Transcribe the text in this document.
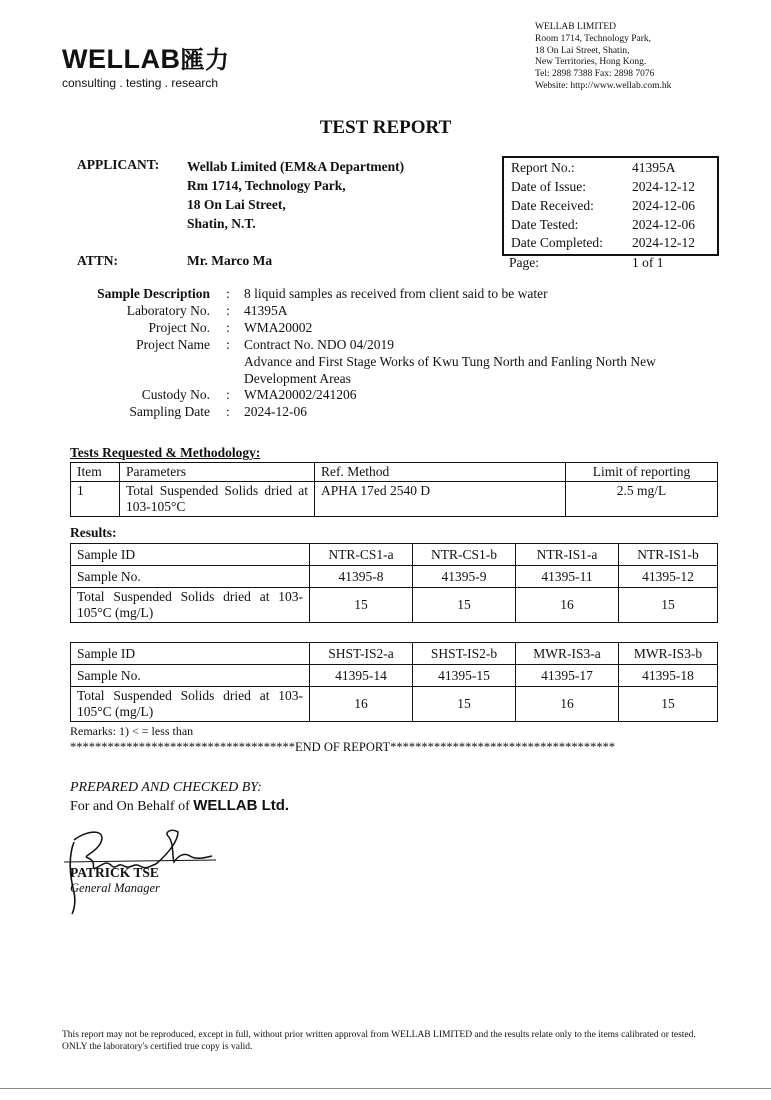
WELLAB匯力
consulting . testing . research
WELLAB LIMITED
Room 1714, Technology Park,
18 On Lai Street, Shatin,
New Territories, Hong Kong.
Tel: 2898 7388 Fax: 2898 7076
Website: http://www.wellab.com.hk
TEST REPORT
APPLICANT: Wellab Limited (EM&A Department)
Rm 1714, Technology Park,
18 On Lai Street,
Shatin, N.T.
ATTN:	Mr. Marco Ma
Report No.:	41395A
Date of Issue:	2024-12-12
Date Received:	2024-12-06
Date Tested:	2024-12-06
Date Completed: 2024-12-12
Page:	1 of 1
Sample Description : 8 liquid samples as received from client said to be water
Laboratory No. : 41395A
Project No. : WMA20002
Project Name : Contract No. NDO 04/2019
Advance and First Stage Works of Kwu Tung North and Fanling North New Development Areas
Custody No. : WMA20002/241206
Sampling Date : 2024-12-06
Tests Requested & Methodology:
Item	Parameters	Ref. Method	Limit of reporting
1	Total Suspended Solids dried at 103-105°C	APHA 17ed 2540 D	2.5 mg/L
Results:
Sample ID	NTR-CS1-a	NTR-CS1-b	NTR-IS1-a	NTR-IS1-b
Sample No.	41395-8	41395-9	41395-11	41395-12
Total Suspended Solids dried at 103-105°C (mg/L)	15	15	16	15
Sample ID	SHST-IS2-a	SHST-IS2-b	MWR-IS3-a	MWR-IS3-b
Sample No.	41395-14	41395-15	41395-17	41395-18
Total Suspended Solids dried at 103-105°C (mg/L)	16	15	16	15
Remarks: 1) < = less than
************************************END OF REPORT************************************
PREPARED AND CHECKED BY:
For and On Behalf of WELLAB Ltd.
PATRICK TSE
General Manager
This report may not be reproduced, except in full, without prior written approval from WELLAB LIMITED and the results relate only to the items calibrated or tested. ONLY the laboratory's certified true copy is valid.
